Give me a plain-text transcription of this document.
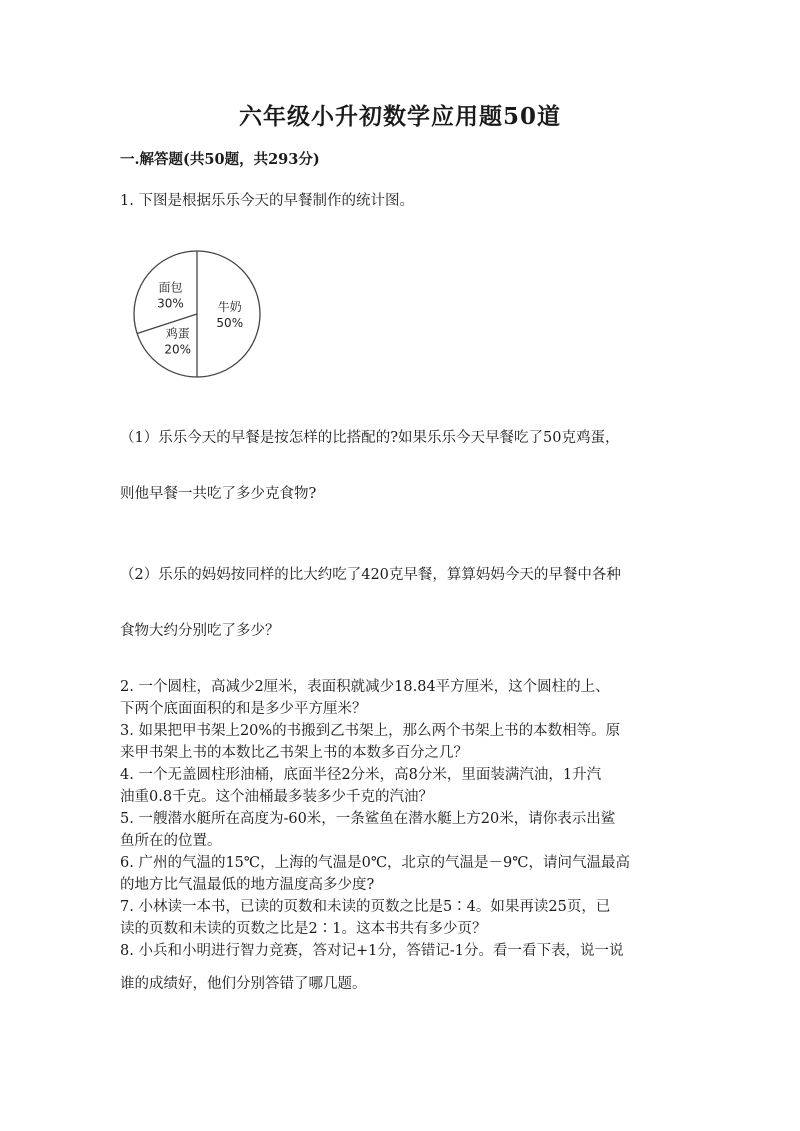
六年级小升初数学应用题50道
一.解答题(共50题，共293分)
1. 下图是根据乐乐今天的早餐制作的统计图。
牛奶
50%
鸡蛋
20%
面包
30%
（1）乐乐今天的早餐是按怎样的比搭配的?如果乐乐今天早餐吃了50克鸡蛋，
则他早餐一共吃了多少克食物?
（2）乐乐的妈妈按同样的比大约吃了420克早餐，算算妈妈今天的早餐中各种
食物大约分别吃了多少？
2. 一个圆柱，高减少2厘米，表面积就减少18.84平方厘米，这个圆柱的上、
下两个底面面积的和是多少平方厘米？
3. 如果把甲书架上20%的书搬到乙书架上，那么两个书架上书的本数相等。原
来甲书架上书的本数比乙书架上书的本数多百分之几？
4. 一个无盖圆柱形油桶，底面半径2分米，高8分米，里面装满汽油，1升汽
油重0.8千克。这个油桶最多装多少千克的汽油？
5. 一艘潜水艇所在高度为-60米，一条鲨鱼在潜水艇上方20米，请你表示出鲨
鱼所在的位置。
6. 广州的气温的15℃，上海的气温是0℃，北京的气温是－9℃，请问气温最高
的地方比气温最低的地方温度高多少度?
7. 小林读一本书，已读的页数和未读的页数之比是5∶4。如果再读25页，已
读的页数和未读的页数之比是2∶1。这本书共有多少页？
8. 小兵和小明进行智力竞赛，答对记+1分，答错记-1分。看一看下表，说一说
谁的成绩好，他们分别答错了哪几题。
